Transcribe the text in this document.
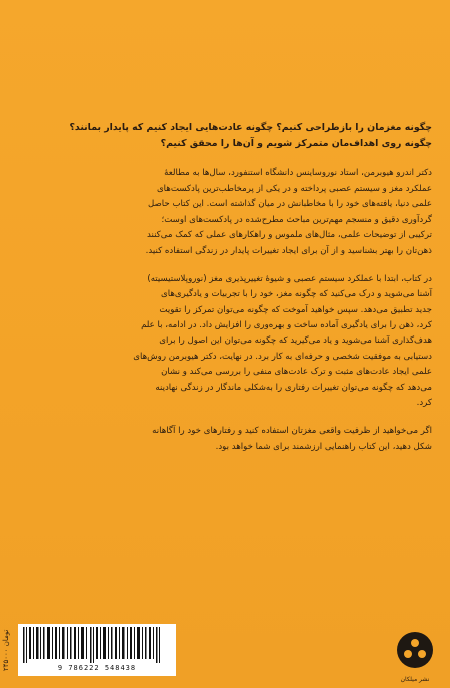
چگونه مغزمان را بازطراحی کنیم؟ چگونه عادت‌هایی ایجاد کنیم که پایدار بمانند؟
چگونه روی اهداف‌مان متمرکز شویم و آن‌ها را محقق کنیم؟

دکتر اندرو هیوبرمن، استاد نوروساینس دانشگاه استنفورد، سال‌ها به مطالعهٔ

عملکرد مغز و سیستم عصبی پرداخته و در یکی از پرمخاطب‌ترین پادکست‌های

علمی دنیا، یافته‌های خود را با مخاطبانش در میان گذاشته است. این کتاب حاصل

گردآوری دقیق و منسجم مهم‌ترین مباحث مطرح‌شده در پادکست‌های اوست؛

ترکیبی از توضیحات علمی، مثال‌های ملموس و راهکارهای عملی که کمک می‌کنند

ذهن‌تان را بهتر بشناسید و از آن برای ایجاد تغییرات پایدار در زندگی استفاده کنید.

در کتاب، ابتدا با عملکرد سیستم عصبی و شیوهٔ تغییرپذیری مغز (نوروپلاستیسیته)

آشنا می‌شوید و درک می‌کنید که چگونه مغز، خود را با تجربیات و یادگیری‌های

جدید تطبیق می‌دهد. سپس خواهید آموخت که چگونه می‌توان تمرکز را تقویت

کرد، ذهن را برای یادگیری آماده ساخت و بهره‌وری را افزایش داد. در ادامه، با علم

هدف‌گذاری آشنا می‌شوید و یاد می‌گیرید که چگونه می‌توان این اصول را برای

دستیابی به موفقیت شخصی و حرفه‌ای به کار برد. در نهایت، دکتر هیوبرمن روش‌های

علمی ایجاد عادت‌های مثبت و ترک عادت‌های منفی را بررسی می‌کند و نشان

می‌دهد که چگونه می‌توان تغییرات رفتاری را به‌شکلی ماندگار در زندگی نهادینه

کرد.

اگر می‌خواهید از ظرفیت واقعی مغزتان استفاده کنید و رفتارهای خود را آگاهانه

شکل دهید، این کتاب راهنمایی ارزشمند برای شما خواهد بود.

۲۴۵۰۰۰ تومان
9 786222 548438
نشر میلکان
